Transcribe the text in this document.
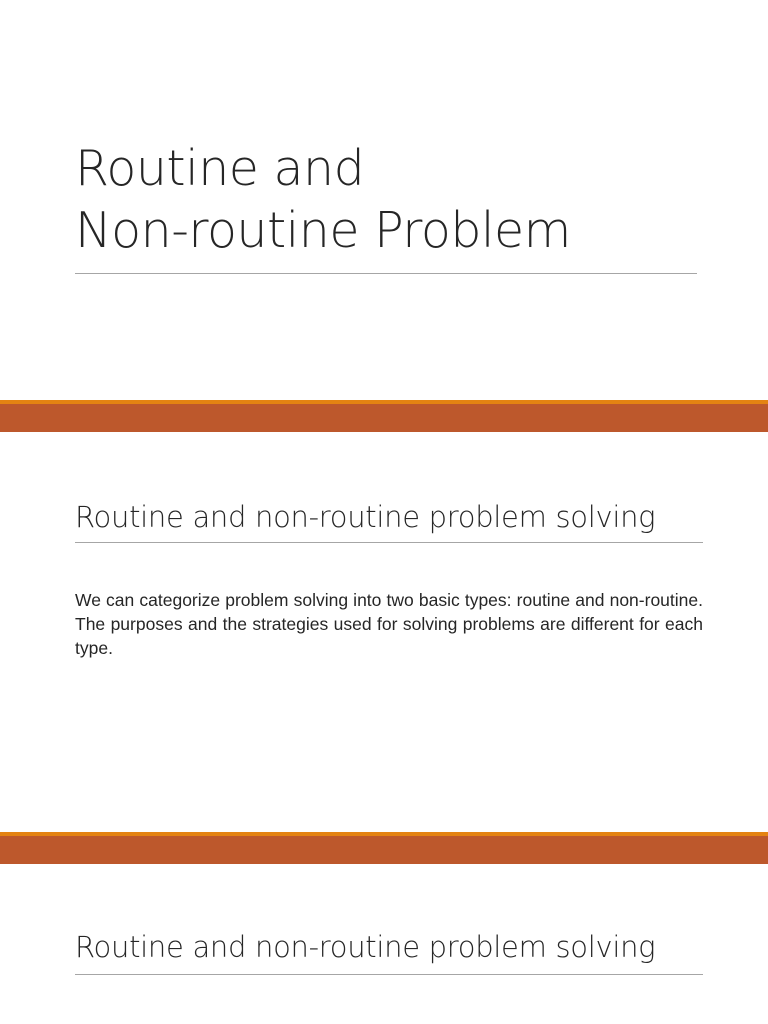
Routine and
Non-routine Problem
Routine and non-routine problem solving

We can categorize problem solving into two basic types: routine and non-routine. The purposes and the strategies used for solving problems are different for each type.

Routine and non-routine problem solving
